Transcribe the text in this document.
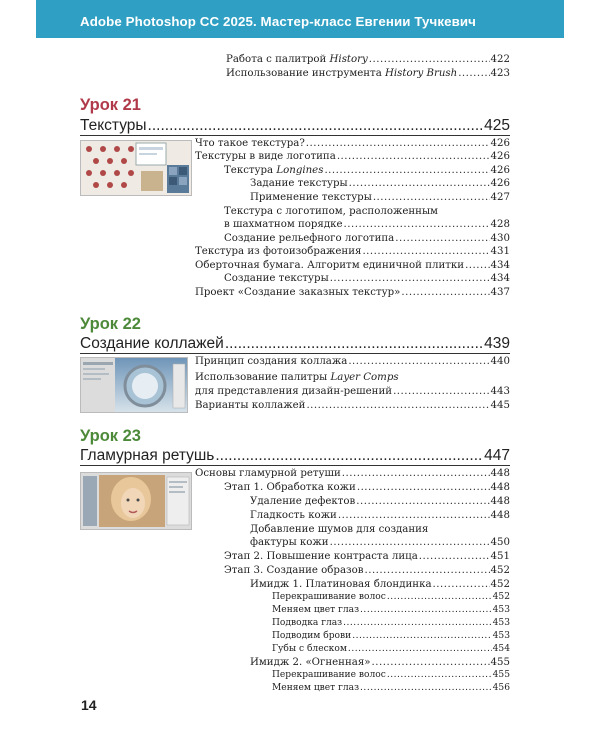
Adobe Photoshop CC 2025. Мастер-класс Евгении Тучкевич
Работа с палитрой History .....	422
Использование инструмента History Brush .....	423
Урок 21
Текстуры .....	425
Что такое текстура? .....	426
Текстуры в виде логотипа .....	426
Текстура Longines .....	426
Задание текстуры .....	426
Применение текстуры .....	427
Текстура с логотипом, расположенным
в шахматном порядке .....	428
Создание рельефного логотипа .....	430
Текстура из фотоизображения .....	431
Оберточная бумага. Алгоритм единичной плитки .....	434
Создание текстуры .....	434
Проект «Создание заказных текстур» .....	437
Урок 22
Создание коллажей .....	439
Принцип создания коллажа .....	440
Использование палитры Layer Comps
для представления дизайн-решений .....	443
Варианты коллажей .....	445
Урок 23
Гламурная ретушь .....	447
Основы гламурной ретуши .....	448
Этап 1. Обработка кожи .....	448
Удаление дефектов .....	448
Гладкость кожи .....	448
Добавление шумов для создания
фактуры кожи .....	450
Этап 2. Повышение контраста лица .....	451
Этап 3. Создание образов .....	452
Имидж 1. Платиновая блондинка .....	452
Перекрашивание волос .....	452
Меняем цвет глаз .....	453
Подводка глаз .....	453
Подводим брови .....	453
Губы с блеском .....	454
Имидж 2. «Огненная» .....	455
Перекрашивание волос .....	455
Меняем цвет глаз .....	456
14
